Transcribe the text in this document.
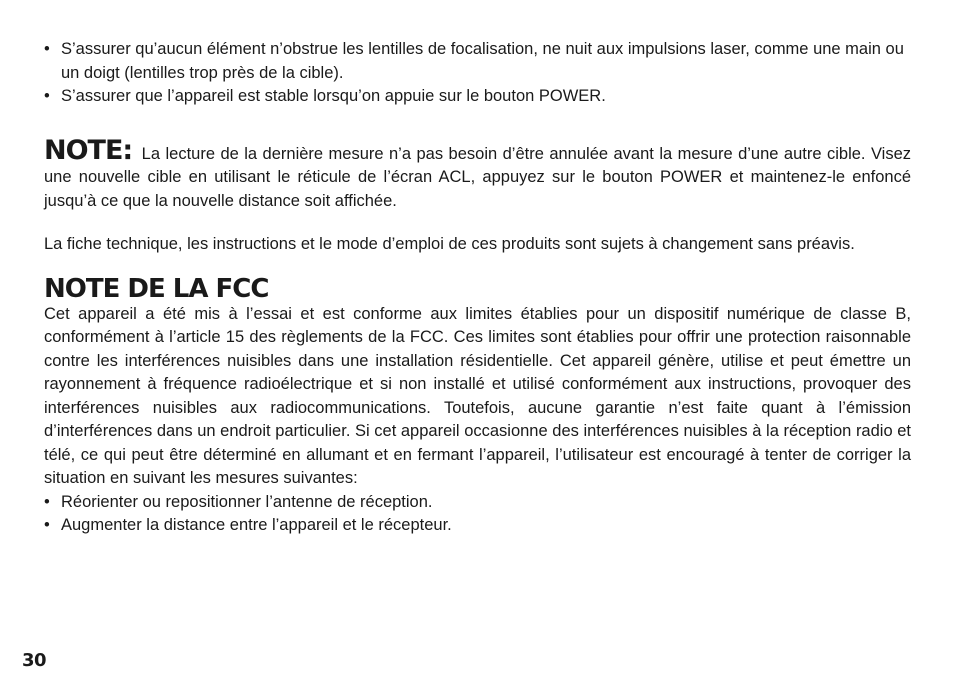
• S’assurer qu’aucun élément n’obstrue les lentilles de focalisation, ne nuit aux impulsions laser, comme une main ou un doigt (lentilles trop près de la cible).
• S’assurer que l’appareil est stable lorsqu’on appuie sur le bouton POWER.
NOTE: La lecture de la dernière mesure n’a pas besoin d’être annulée avant la mesure d’une autre cible. Visez une nouvelle cible en utilisant le réticule de l’écran ACL, appuyez sur le bouton POWER et maintenez-le enfoncé jusqu’à ce que la nouvelle distance soit affichée.
La fiche technique, les instructions et le mode d’emploi de ces produits sont sujets à changement sans préavis.
NOTE DE LA FCC
Cet appareil a été mis à l’essai et est conforme aux limites établies pour un dispositif numérique de classe B, conformément à l’article 15 des règlements de la FCC. Ces limites sont établies pour offrir une protection raisonnable contre les interférences nuisibles dans une installation résidentielle. Cet appareil génère, utilise et peut émettre un rayonnement à fréquence radioélectrique et si non installé et utilisé conformément aux instructions, provoquer des interférences nuisibles aux radiocommunications. Toutefois, aucune garantie n’est faite quant à l’émission d’interférences dans un endroit particulier. Si cet appareil occasionne des interférences nuisibles à la réception radio et télé, ce qui peut être déterminé en allumant et en fermant l’appareil, l’utilisateur est encouragé à tenter de corriger la situation en suivant les mesures suivantes:
• Réorienter ou repositionner l’antenne de réception.
• Augmenter la distance entre l’appareil et le récepteur.
30
